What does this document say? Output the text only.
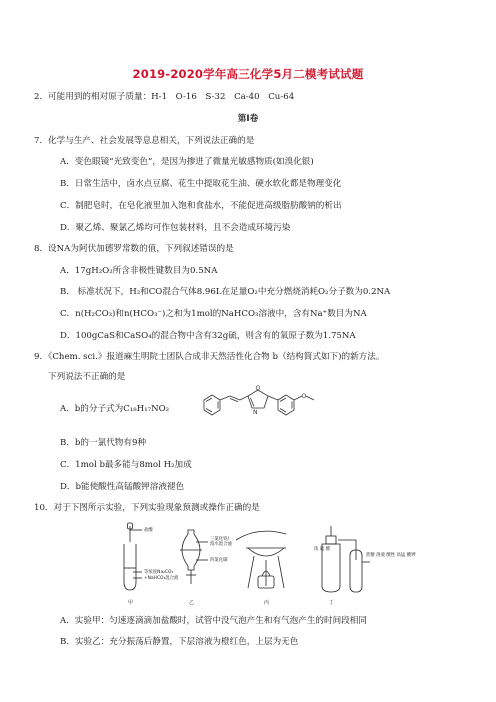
2019-2020学年高三化学5月二模考试试题
2．可能用到的相对原子质量：H-1　O-16　S-32　Ca-40　Cu-64
第Ⅰ卷
7．化学与生产、社会发展等息息相关，下列说法正确的是
A．变色眼镜“光致变色”，是因为掺进了微量光敏感物质(如溴化银)
B．日常生活中，卤水点豆腐、花生中提取花生油、硬水软化都是物理变化
C．制肥皂时，在皂化液里加入饱和食盐水，不能促进高级脂肪酸钠的析出
D．聚乙烯、聚氯乙烯均可作包装材料，且不会造成环境污染
8．设NA为阿伏加德罗常数的值，下列叙述错误的是
A．17gH₂O₂所含非极性键数目为0.5NA
B． 标准状况下，H₂和CO混合气体8.96L在足量O₂中充分燃烧消耗O₂分子数为0.2NA
C．n(H₂CO₃)和n(HCO₃⁻)之和为1mol的NaHCO₃溶液中，含有Na⁺数目为NA
D．100gCaS和CaSO₄的混合物中含有32g硫，则含有的氧原子数为1.75NA
9．《Chem. sci.》报道麻生明院士团队合成非天然活性化合物 b（结构简式如下)的新方法。
下列说法不正确的是
O
N
O
A．b的分子式为C₁₈H₁₇NO₂
B．b的一氯代物有9种
C．1mol b最多能与8mol H₂加成
D．b能使酸性高锰酸钾溶液褪色
10．对于下图所示实验，下列实验现象预测或操作正确的是
盐酸
等浓度Na₂CO₃
+NaHCO₃混合液
三氯化铁/
溴水混合液
四氯化碳
浓 硫 酸
蔗糖 溶液 酸性 高锰 酸钾
甲	乙	丙	丁
A．实验甲：匀速逐滴滴加盐酸时，试管中没气泡产生和有气泡产生的时间段相同
B．实验乙：充分振荡后静置，下层溶液为橙红色，上层为无色
